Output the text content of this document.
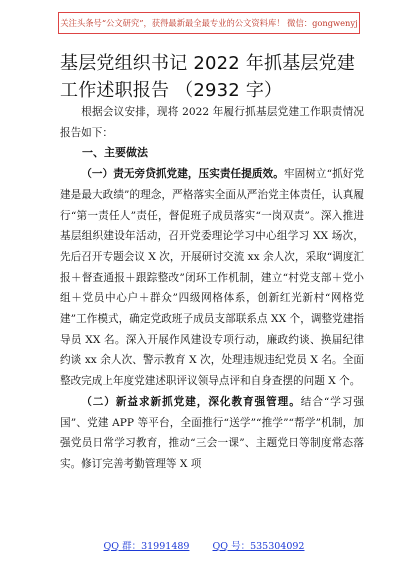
关注头条号“公文研究”，获得最新最全最专业的公文资料库！ 微信：gongwenyj
基层党组织书记 2022 年抓基层党建工作述职报告 （2932 字）

根据会议安排，现将 2022 年履行抓基层党建工作职责情况报告如下：

一、主要做法

（一）责无旁贷抓党建，压实责任提质效。牢固树立“抓好党建是最大政绩”的理念，严格落实全面从严治党主体责任，认真履行“第一责任人”责任，督促班子成员落实“一岗双责”。深入推进基层组织建设年活动，召开党委理论学习中心组学习 XX 场次，先后召开专题会议 X 次，开展研讨交流 xx 余人次，采取“调度汇报＋督查通报＋跟踪整改”闭环工作机制，建立“村党支部＋党小组＋党员中心户＋群众”四级网格体系，创新红光新村“网格党建”工作模式，确定党政班子成员支部联系点 XX 个，调整党建指导员 XX 名。深入开展作风建设专项行动，廉政约谈、换届纪律约谈 xx 余人次、警示教育 X 次，处理违规违纪党员 X 名。全面整改完成上年度党建述职评议领导点评和自身查摆的问题 X 个。

（二）新益求新抓党建，深化教育强管理。结合“学习强国”、党建 APP 等平台，全面推行“送学”“推学”“帮学”机制，加强党员日常学习教育，推动“三会一课”、主题党日等制度常态落实。修订完善考勤管理等 X 项

QQ 群：31991489 QQ 号：535304092
